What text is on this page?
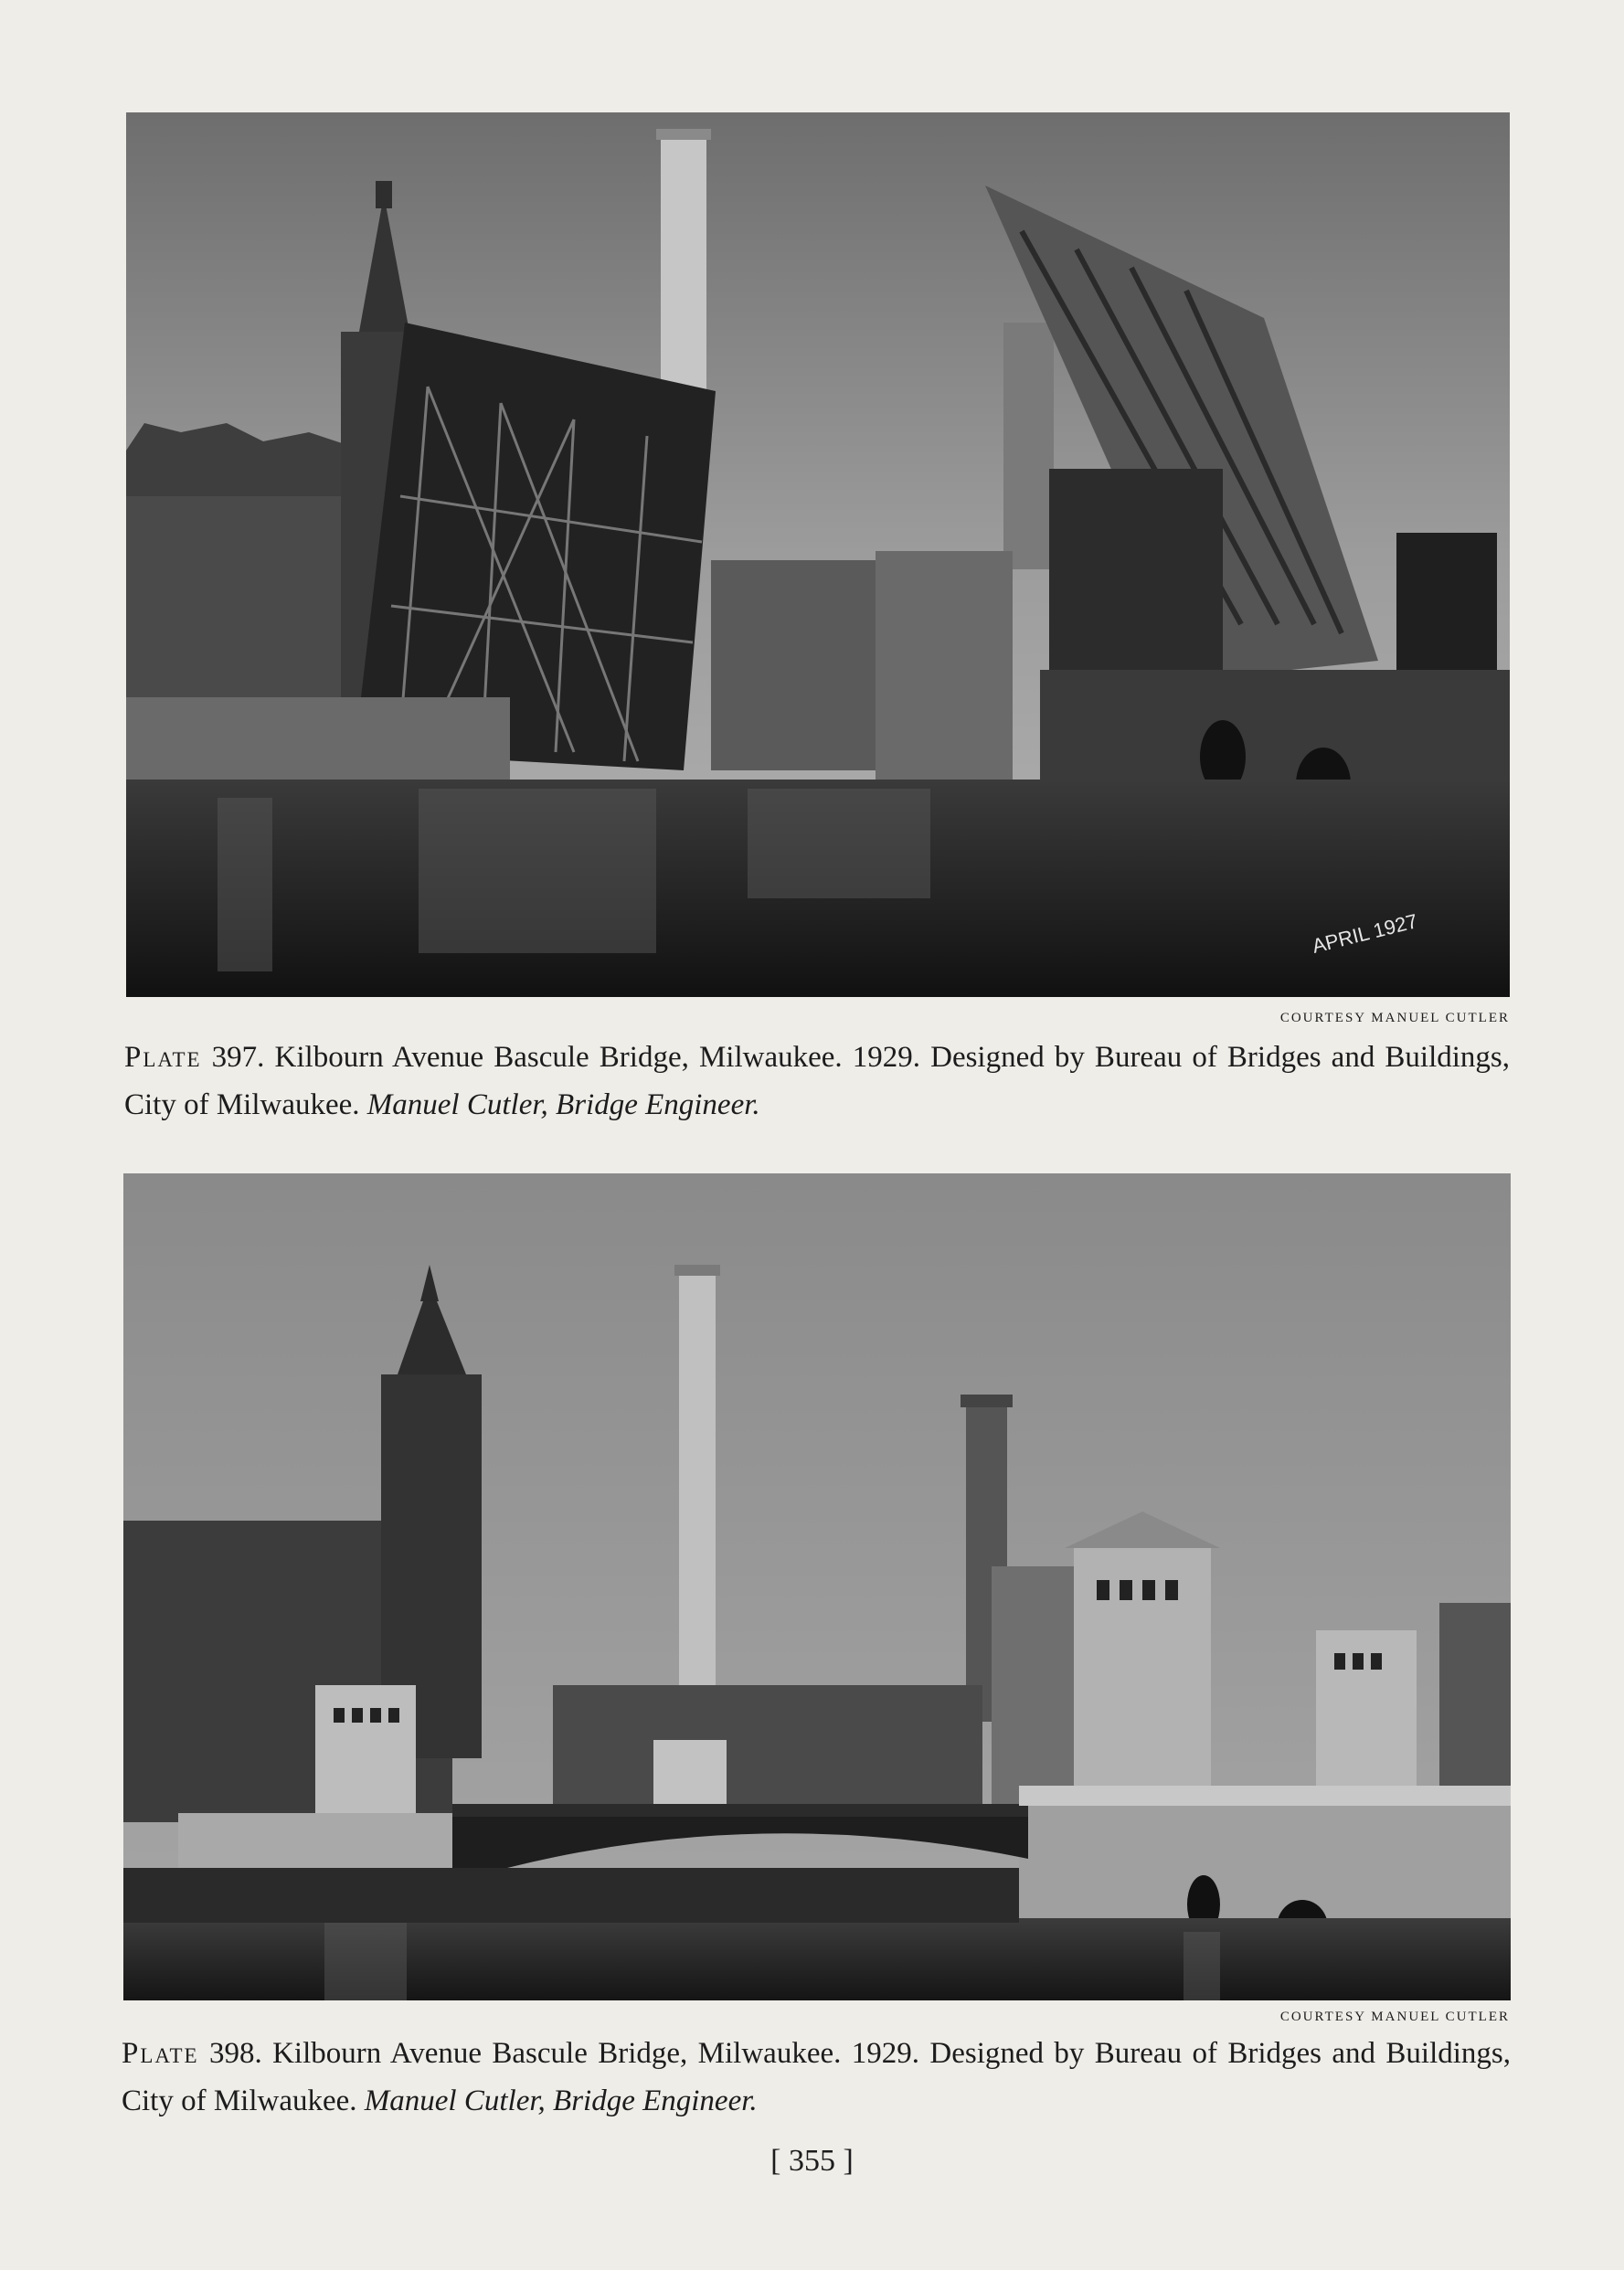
APRIL 1927
COURTESY MANUEL CUTLER
Plate 397. Kilbourn Avenue Bascule Bridge, Milwaukee. 1929. Designed by Bureau of Bridges and Buildings, City of Milwaukee. Manuel Cutler, Bridge Engineer.
COURTESY MANUEL CUTLER
Plate 398. Kilbourn Avenue Bascule Bridge, Milwaukee. 1929. Designed by Bureau of Bridges and Buildings, City of Milwaukee. Manuel Cutler, Bridge Engineer.
[ 355 ]
